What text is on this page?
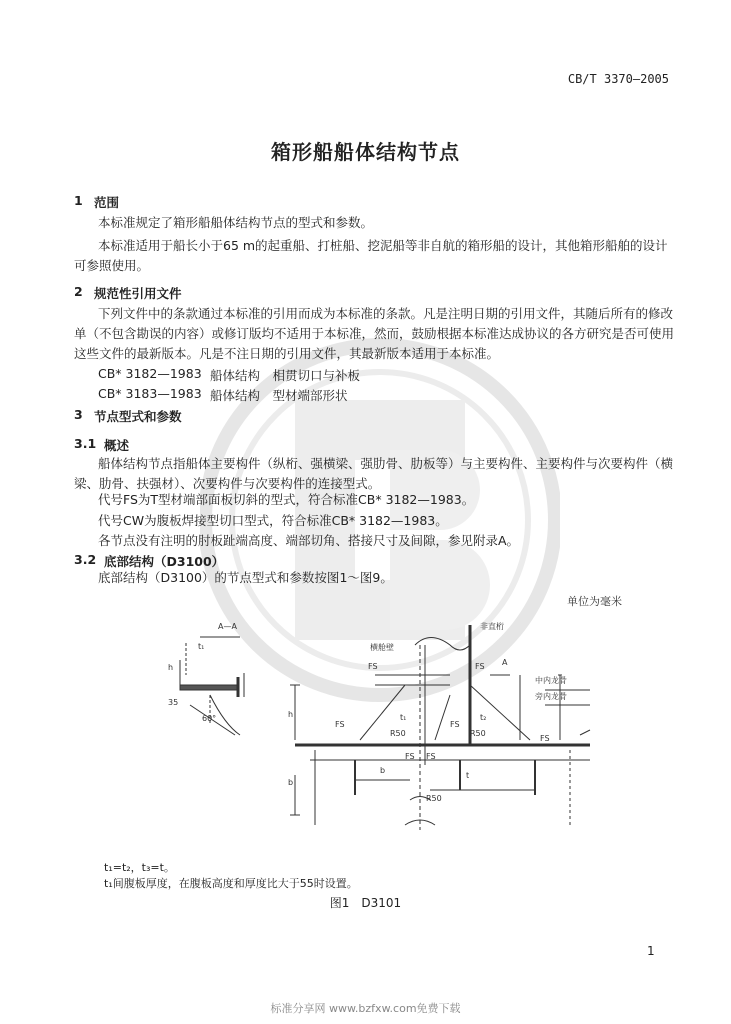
CB/T 3370—2005
箱形船船体结构节点
1 范围
本标准规定了箱形船船体结构节点的型式和参数。
本标准适用于船长小于65 m的起重船、打桩船、挖泥船等非自航的箱形船的设计，其他箱形船舶的设计可参照使用。
2 规范性引用文件
下列文件中的条款通过本标准的引用而成为本标准的条款。凡是注明日期的引用文件，其随后所有的修改单（不包含勘误的内容）或修订版均不适用于本标准，然而，鼓励根据本标准达成协议的各方研究是否可使用这些文件的最新版本。凡是不注日期的引用文件，其最新版本适用于本标准。
CB* 3182—1983 船体结构　相贯切口与补板
CB* 3183—1983 船体结构　型材端部形状
3 节点型式和参数
3.1 概述
船体结构节点指船体主要构件（纵桁、强横梁、强肋骨、肋板等）与主要构件、主要构件与次要构件（横梁、肋骨、扶强材）、次要构件与次要构件的连接型式。
代号FS为T型材端部面板切斜的型式，符合标准CB* 3182—1983。
代号CW为腹板焊接型切口型式，符合标准CB* 3182—1983。
各节点没有注明的肘板趾端高度、端部切角、搭接尺寸及间隙，参见附录A。
3.2 底部结构（D3100）
底部结构（D3100）的节点型式和参数按图1～图9。
单位为毫米
A—A
t₁
h
35
60°
横舱壁
非直桁
中内龙骨
旁内龙骨
FS	FS
FS	FS
FS
FS FS
A
t₁	t₂
R50	R50
R50
h
b
b
t
t₁=t₂，t₃=t。
t₁间腹板厚度，在腹板高度和厚度比大于55时设置。
图1　D3101
1
标准分享网 www.bzfxw.com免费下载
